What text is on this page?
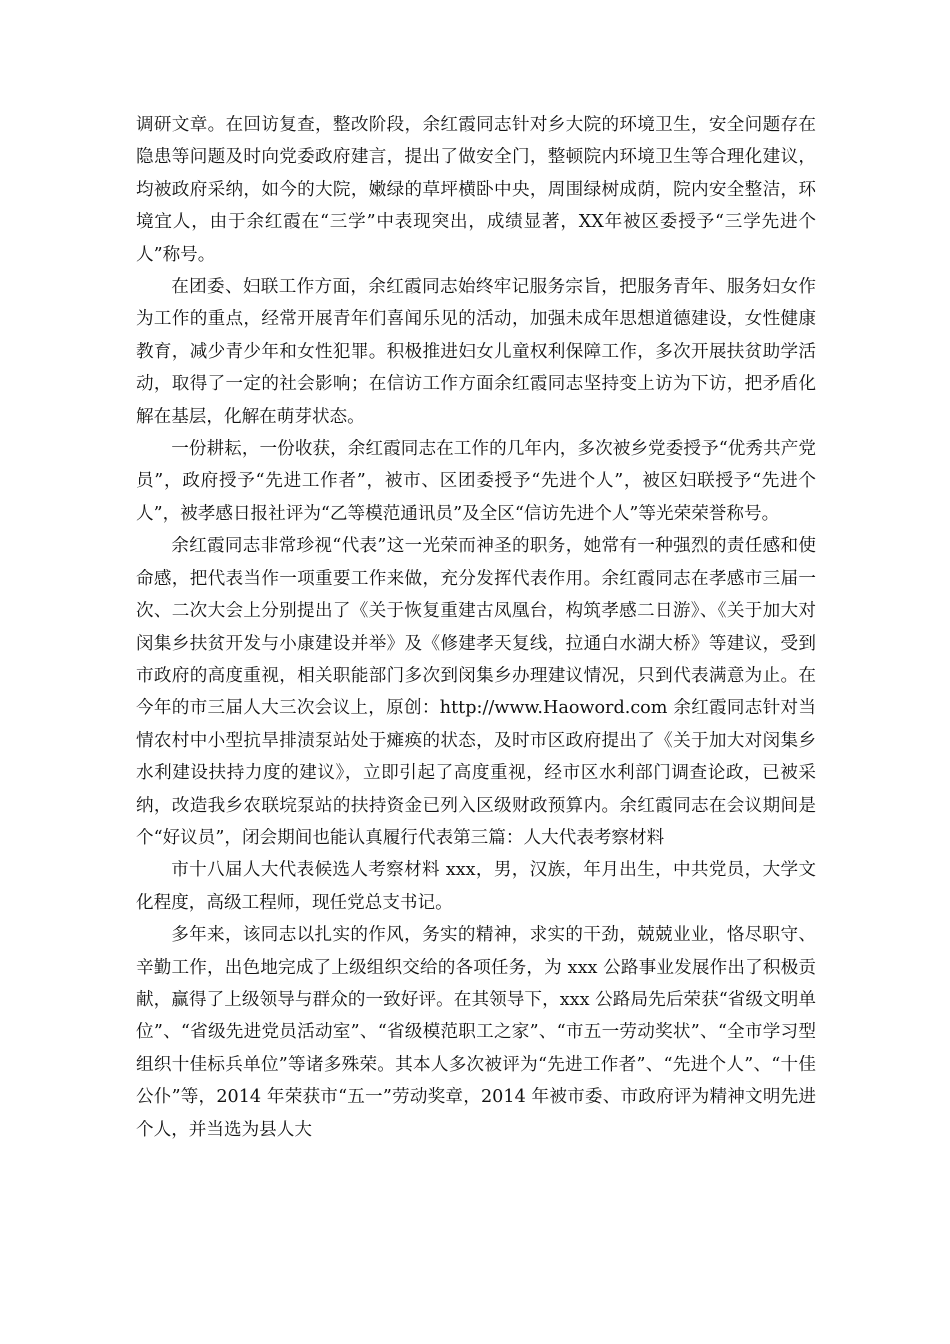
调研文章。在回访复查，整改阶段，余红霞同志针对乡大院的环境卫生，安全问题存在隐患等问题及时向党委政府建言，提出了做安全门，整顿院内环境卫生等合理化建议，均被政府采纳，如今的大院，嫩绿的草坪横卧中央，周围绿树成荫，院内安全整洁，环境宜人，由于余红霞在“三学”中表现突出，成绩显著，XX年被区委授予“三学先进个人”称号。

在团委、妇联工作方面，余红霞同志始终牢记服务宗旨，把服务青年、服务妇女作为工作的重点，经常开展青年们喜闻乐见的活动，加强未成年思想道德建设，女性健康教育，减少青少年和女性犯罪。积极推进妇女儿童权利保障工作，多次开展扶贫助学活动，取得了一定的社会影响；在信访工作方面余红霞同志坚持变上访为下访，把矛盾化解在基层，化解在萌芽状态。

一份耕耘，一份收获，余红霞同志在工作的几年内，多次被乡党委授予“优秀共产党员”，政府授予“先进工作者”，被市、区团委授予“先进个人”，被区妇联授予“先进个人”，被孝感日报社评为“乙等模范通讯员”及全区“信访先进个人”等光荣荣誉称号。

余红霞同志非常珍视“代表”这一光荣而神圣的职务，她常有一种强烈的责任感和使命感，把代表当作一项重要工作来做，充分发挥代表作用。余红霞同志在孝感市三届一次、二次大会上分别提出了《关于恢复重建古凤凰台，构筑孝感二日游》、《关于加大对闵集乡扶贫开发与小康建设并举》及《修建孝天复线，拉通白水湖大桥》等建议，受到市政府的高度重视，相关职能部门多次到闵集乡办理建议情况，只到代表满意为止。在今年的市三届人大三次会议上，原创：http://www.Haoword.com 余红霞同志针对当情农村中小型抗旱排渍泵站处于瘫痪的状态，及时市区政府提出了《关于加大对闵集乡水利建设扶持力度的建议》，立即引起了高度重视，经市区水利部门调查论政，已被采纳，改造我乡农联垸泵站的扶持资金已列入区级财政预算内。余红霞同志在会议期间是个“好议员”，闭会期间也能认真履行代表第三篇：人大代表考察材料

市十八届人大代表候选人考察材料 xxx，男，汉族，年月出生，中共党员，大学文化程度，高级工程师，现任党总支书记。

多年来，该同志以扎实的作风，务实的精神，求实的干劲，兢兢业业，恪尽职守、辛勤工作，出色地完成了上级组织交给的各项任务，为 xxx 公路事业发展作出了积极贡献，赢得了上级领导与群众的一致好评。在其领导下，xxx 公路局先后荣获“省级文明单位”、“省级先进党员活动室”、“省级模范职工之家”、“市五一劳动奖状”、“全市学习型组织十佳标兵单位”等诸多殊荣。其本人多次被评为“先进工作者”、“先进个人”、“十佳公仆”等，2014 年荣获市“五一”劳动奖章，2014 年被市委、市政府评为精神文明先进个人，并当选为县人大
